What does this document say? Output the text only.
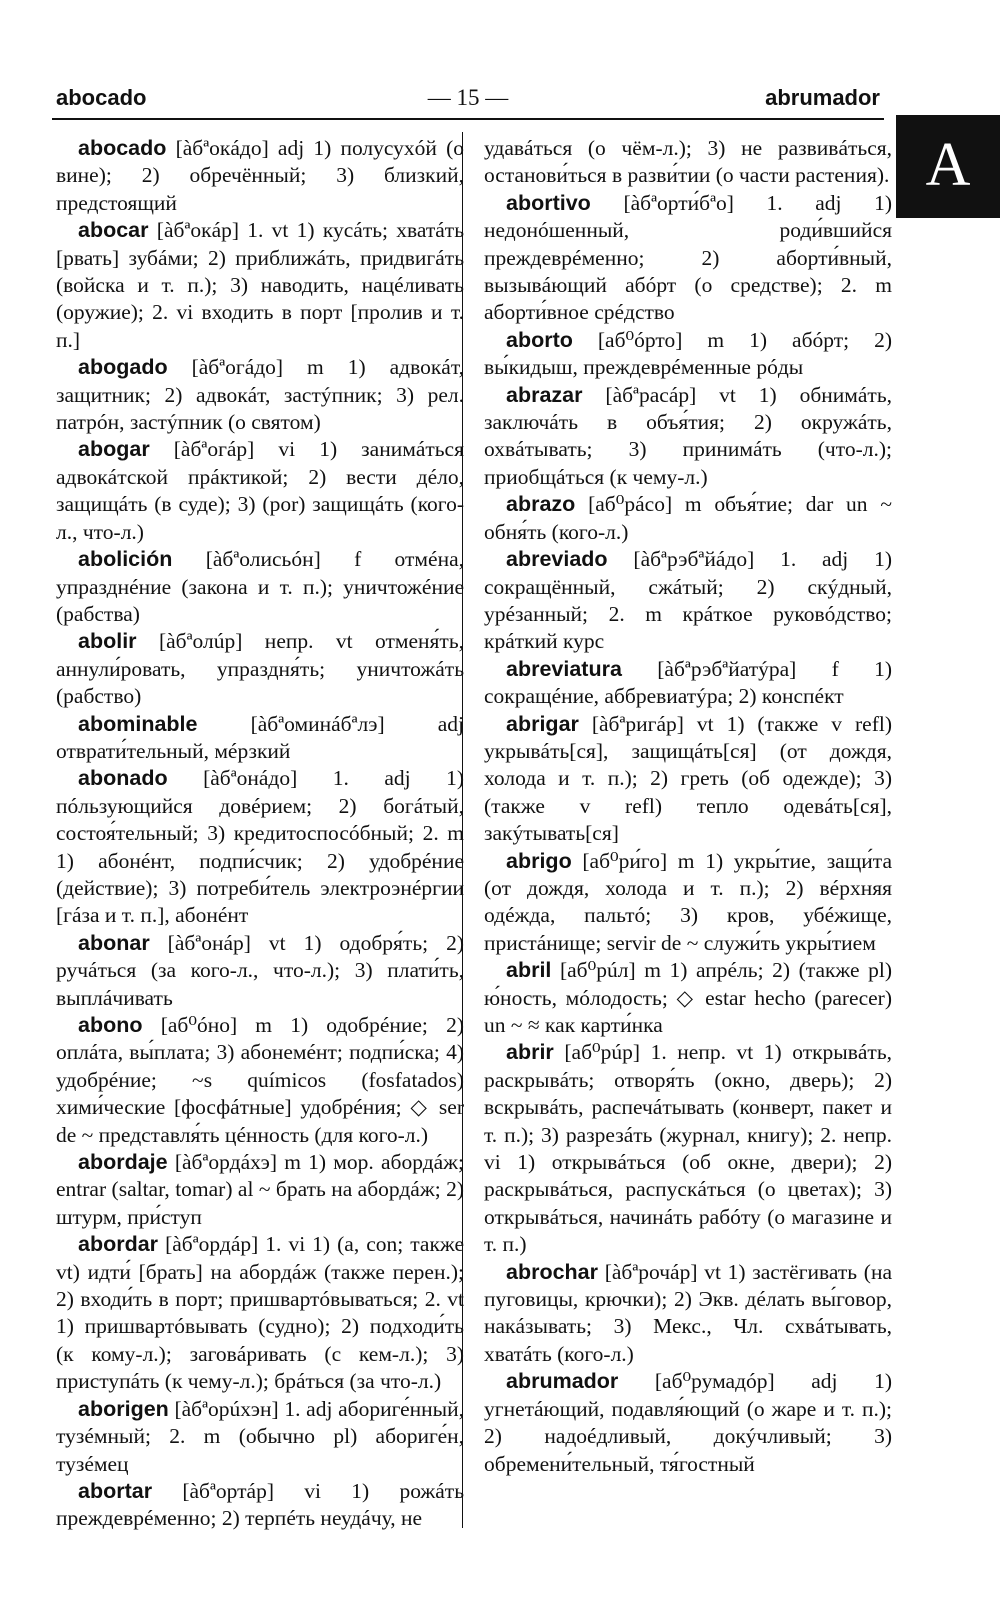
abocado	— 15 —	abrumador
A

abocado [àбªокáдо] adj 1) полусухóй (о вине); 2) обречённый; 3) близкий, предстоящий

abocar [àбªокáр] 1. vt 1) кусáть; хватáть [рвать] зубáми; 2) приближáть, придвигáть (войска и т. п.); 3) наводить, нацéливать (оружие); 2. vi входить в порт [пролив и т. п.]

abogado [àбªогáдо] m 1) адвокáт, защитник; 2) адвокáт, застýпник; 3) рел. патрóн, застýпник (о святом)

abogar [àбªогáр] vi 1) занимáться адвокáтской прáктикой; 2) вести дéло, защищáть (в суде); 3) (por) защищáть (кого-л., что-л.)

abolición [àбªолисьóн] f отмéна, упразднéние (закона и т. п.); уничтожéние (рабства)

abolir [àбªолúр] непр. vt отменя́ть, аннули́ровать, упраздня́ть; уничтожáть (рабство)

abominable [àбªоминáбªлэ] adj отврати́тельный, мéрзкий

abonado [àбªонáдо] 1. adj 1) пóльзующийся довéрием; 2) богáтый, состоя́тельный; 3) кредитоспосóбный; 2. m 1) абонéнт, подпи́счик; 2) удобрéние (действие); 3) потреби́тель электроэнéргии [гáза и т. п.], абонéнт

abonar [àбªонáр] vt 1) одобря́ть; 2) ручáться (за кого-л., что-л.); 3) плати́ть, выплáчивать

abono [аб⁰óно] m 1) одобрéние; 2) оплáта, вы́плата; 3) абонемéнт; подпи́ска; 4) удобрéние; ~s químicos (fosfatados) хими́ческие [фосфáтные] удобрéния; ◇ ser de ~ представля́ть цéнность (для кого-л.)

abordaje [àбªордáхэ] m 1) мор. абордáж; entrar (saltar, tomar) al ~ брать на абордáж; 2) штурм, при́ступ

abordar [àбªордáр] 1. vi 1) (a, con; также vt) идти́ [брать] на абордáж (также перен.); 2) входи́ть в порт; пришвартóвываться; 2. vt 1) пришвартóвывать (судно); 2) подходи́ть (к кому-л.); заговáривать (с кем-л.); 3) приступáть (к чему-л.); брáться (за что-л.)

aborigen [àбªорúхэн] 1. adj абориге́нный, тузéмный; 2. m (обычно pl) абориге́н, тузéмец

abortar [àбªортáр] vi 1) рожáть преждеврéменно; 2) терпéть неудáчу, не

удавáться (о чём-л.); 3) не развивáться, останови́ться в разви́тии (о части растения).

abortivo [àбªорти́бªо] 1. adj 1) недонóшенный, роди́вшийся преждеврéменно; 2) аборти́вный, вызывáющий абóрт (о средстве); 2. m аборти́вное срéдство

aborto [аб⁰óрто] m 1) абóрт; 2) вы́кидыш, преждеврéменные рóды

abrazar [àбªрасáр] vt 1) обнимáть, заключáть в объя́тия; 2) окружáть, охвáтывать; 3) принимáть (что-л.); приобщáться (к чему-л.)

abrazo [аб⁰рáсо] m объя́тие; dar un ~ обня́ть (кого-л.)

abreviado [àбªрэбªйáдо] 1. adj 1) сокращённый, сжáтый; 2) скýдный, урéзанный; 2. m крáткое руковóдство; крáткий курс

abreviatura [àбªрэбªйатýра] f 1) сокращéние, аббревиатýра; 2) конспéкт

abrigar [àбªригáр] vt 1) (также v refl) укрывáть[ся], защищáть[ся] (от дождя, холода и т. п.); 2) греть (об одежде); 3) (также v refl) тепло одевáть[ся], закýтывать[ся]

abrigo [аб⁰ри́го] m 1) укры́тие, защи́та (от дождя, холода и т. п.); 2) вéрхняя одéжда, пальтó; 3) кров, убéжище, пристáнище; servir de ~ служи́ть укры́тием

abril [аб⁰рúл] m 1) апрéль; 2) (также pl) ю́ность, мóлодость; ◇ estar hecho (parecer) un ~ ≈ как карти́нка

abrir [аб⁰рúр] 1. непр. vt 1) открывáть, раскрывáть; отворя́ть (окно, дверь); 2) вскрывáть, распечáтывать (конверт, пакет и т. п.); 3) разрезáть (журнал, книгу); 2. непр. vi 1) открывáться (об окне, двери); 2) раскрывáться, распускáться (о цветах); 3) открывáться, начинáть рабóту (о магазине и т. п.)

abrochar [àбªрочáр] vt 1) застёгивать (на пуговицы, крючки); 2) Экв. дéлать вы́говор, накáзывать; 3) Мекс., Чл. схвáтывать, хватáть (кого-л.)

abrumador [аб⁰румадóр] adj 1) угнетáющий, подавля́ющий (о жаре и т. п.); 2) надоéдливый, докýчливый; 3) обремени́тельный, тя́гостный
